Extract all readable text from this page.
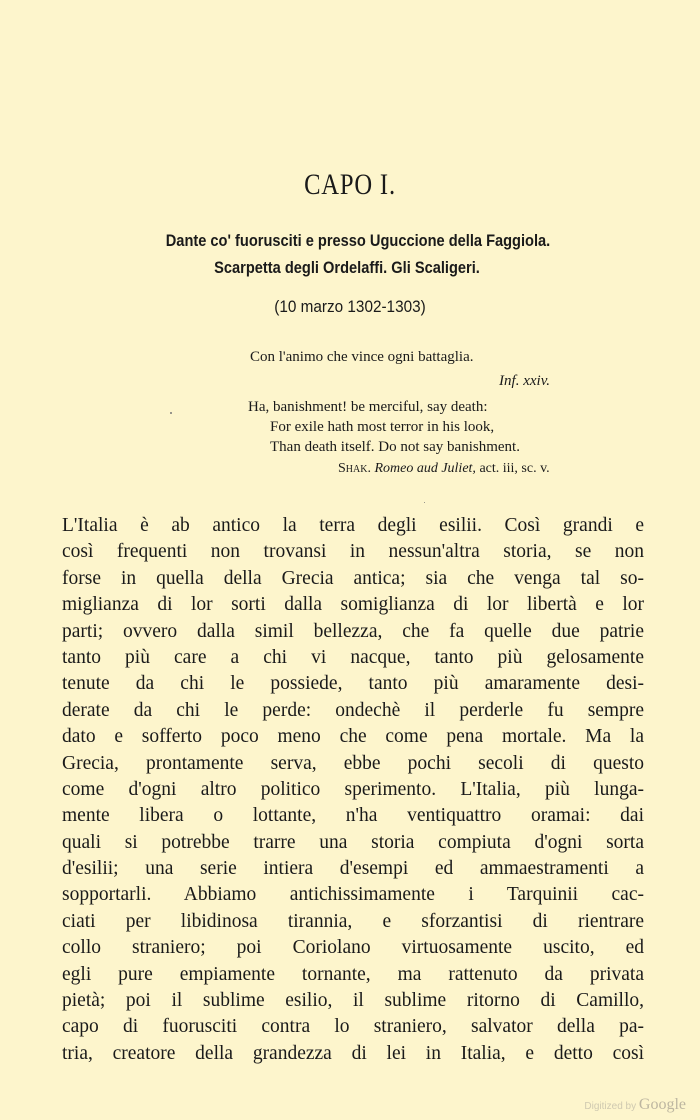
CAPO I.
Dante co' fuorusciti e presso Uguccione della Faggiola.
Scarpetta degli Ordelaffi. Gli Scaligeri.
(10 marzo 1302-1303)
Con l'animo che vince ogni battaglia.
Inf. xxiv.
Ha, banishment! be merciful, say death:
For exile hath most terror in his look,
Than death itself. Do not say banishment.
Shak. Romeo aud Juliet, act. iii, sc. v.
L'Italia è ab antico la terra degli esilii. Così grandi e
così frequenti non trovansi in nessun'altra storia, se non
forse in quella della Grecia antica; sia che venga tal so-
miglianza di lor sorti dalla somiglianza di lor libertà e lor
parti; ovvero dalla simil bellezza, che fa quelle due patrie
tanto più care a chi vi nacque, tanto più gelosamente
tenute da chi le possiede, tanto più amaramente desi-
derate da chi le perde: ondechè il perderle fu sempre
dato e sofferto poco meno che come pena mortale. Ma la
Grecia, prontamente serva, ebbe pochi secoli di questo
come d'ogni altro politico sperimento. L'Italia, più lunga-
mente libera o lottante, n'ha ventiquattro oramai: dai
quali si potrebbe trarre una storia compiuta d'ogni sorta
d'esilii; una serie intiera d'esempi ed ammaestramenti a
sopportarli. Abbiamo antichissimamente i Tarquinii cac-
ciati per libidinosa tirannia, e sforzantisi di rientrare
collo straniero; poi Coriolano virtuosamente uscito, ed
egli pure empiamente tornante, ma rattenuto da privata
pietà; poi il sublime esilio, il sublime ritorno di Camillo,
capo di fuorusciti contra lo straniero, salvator della pa-
tria, creatore della grandezza di lei in Italia, e detto così
Digitized by Google
